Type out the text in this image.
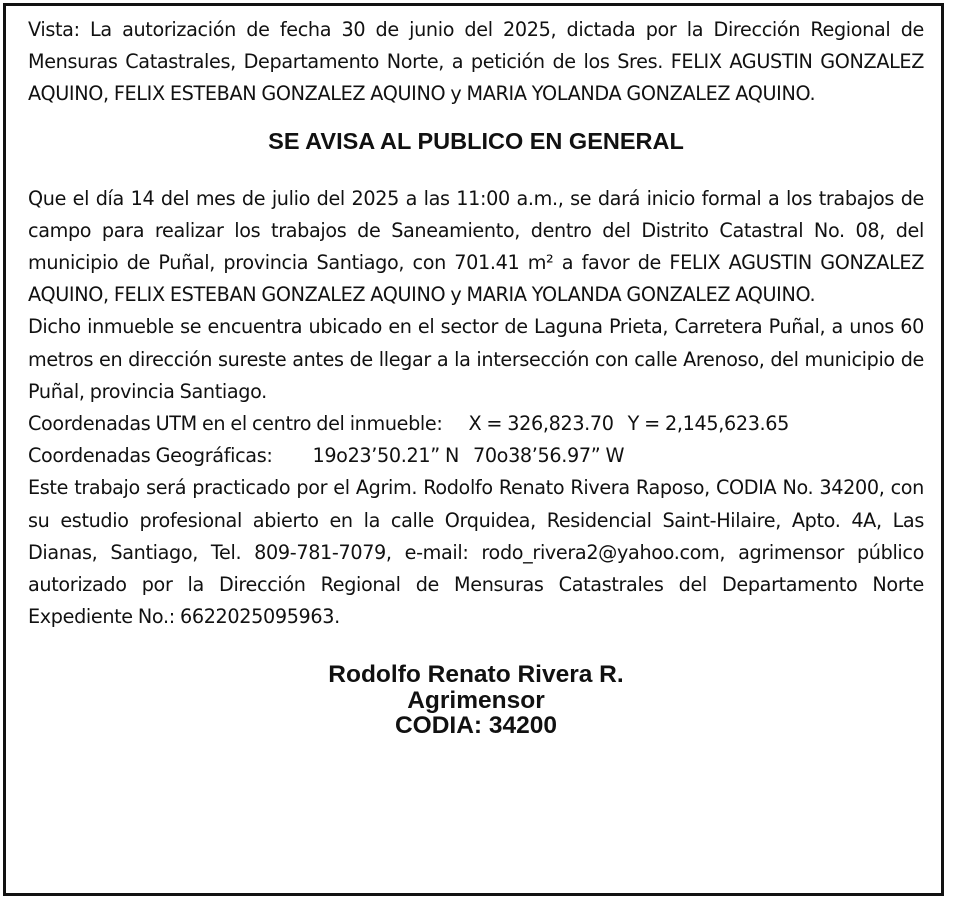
Vista: La autorización de fecha 30 de junio del 2025, dictada por la Dirección Regional de Mensuras Catastrales, Departamento Norte, a petición de los Sres. FELIX AGUSTIN GONZALEZ AQUINO, FELIX ESTEBAN GONZALEZ AQUINO y MARIA YOLANDA GONZALEZ AQUINO.

SE AVISA AL PUBLICO EN GENERAL

Que el día 14 del mes de julio del 2025 a las 11:00 a.m., se dará inicio formal a los trabajos de campo para realizar los trabajos de Saneamiento, dentro del Distrito Catastral No. 08, del municipio de Puñal, provincia Santiago, con 701.41 m² a favor de FELIX AGUSTIN GONZALEZ AQUINO, FELIX ESTEBAN GONZALEZ AQUINO y MARIA YOLANDA GONZALEZ AQUINO.

Dicho inmueble se encuentra ubicado en el sector de Laguna Prieta, Carretera Puñal, a unos 60 metros en dirección sureste antes de llegar a la intersección con calle Arenoso, del municipio de Puñal, provincia Santiago.

Coordenadas UTM en el centro del inmueble: X = 326,823.70 Y = 2,145,623.65

Coordenadas Geográficas: 19o23’50.21” N 70o38’56.97” W

Este trabajo será practicado por el Agrim. Rodolfo Renato Rivera Raposo, CODIA No. 34200, con su estudio profesional abierto en la calle Orquidea, Residencial Saint-Hilaire, Apto. 4A, Las Dianas, Santiago, Tel. 809-781-7079, e-mail: rodo_rivera2@yahoo.com, agrimensor público autorizado por la Dirección Regional de Mensuras Catastrales del Departamento Norte Expediente No.: 6622025095963.

Rodolfo Renato Rivera R.
Agrimensor
CODIA: 34200
